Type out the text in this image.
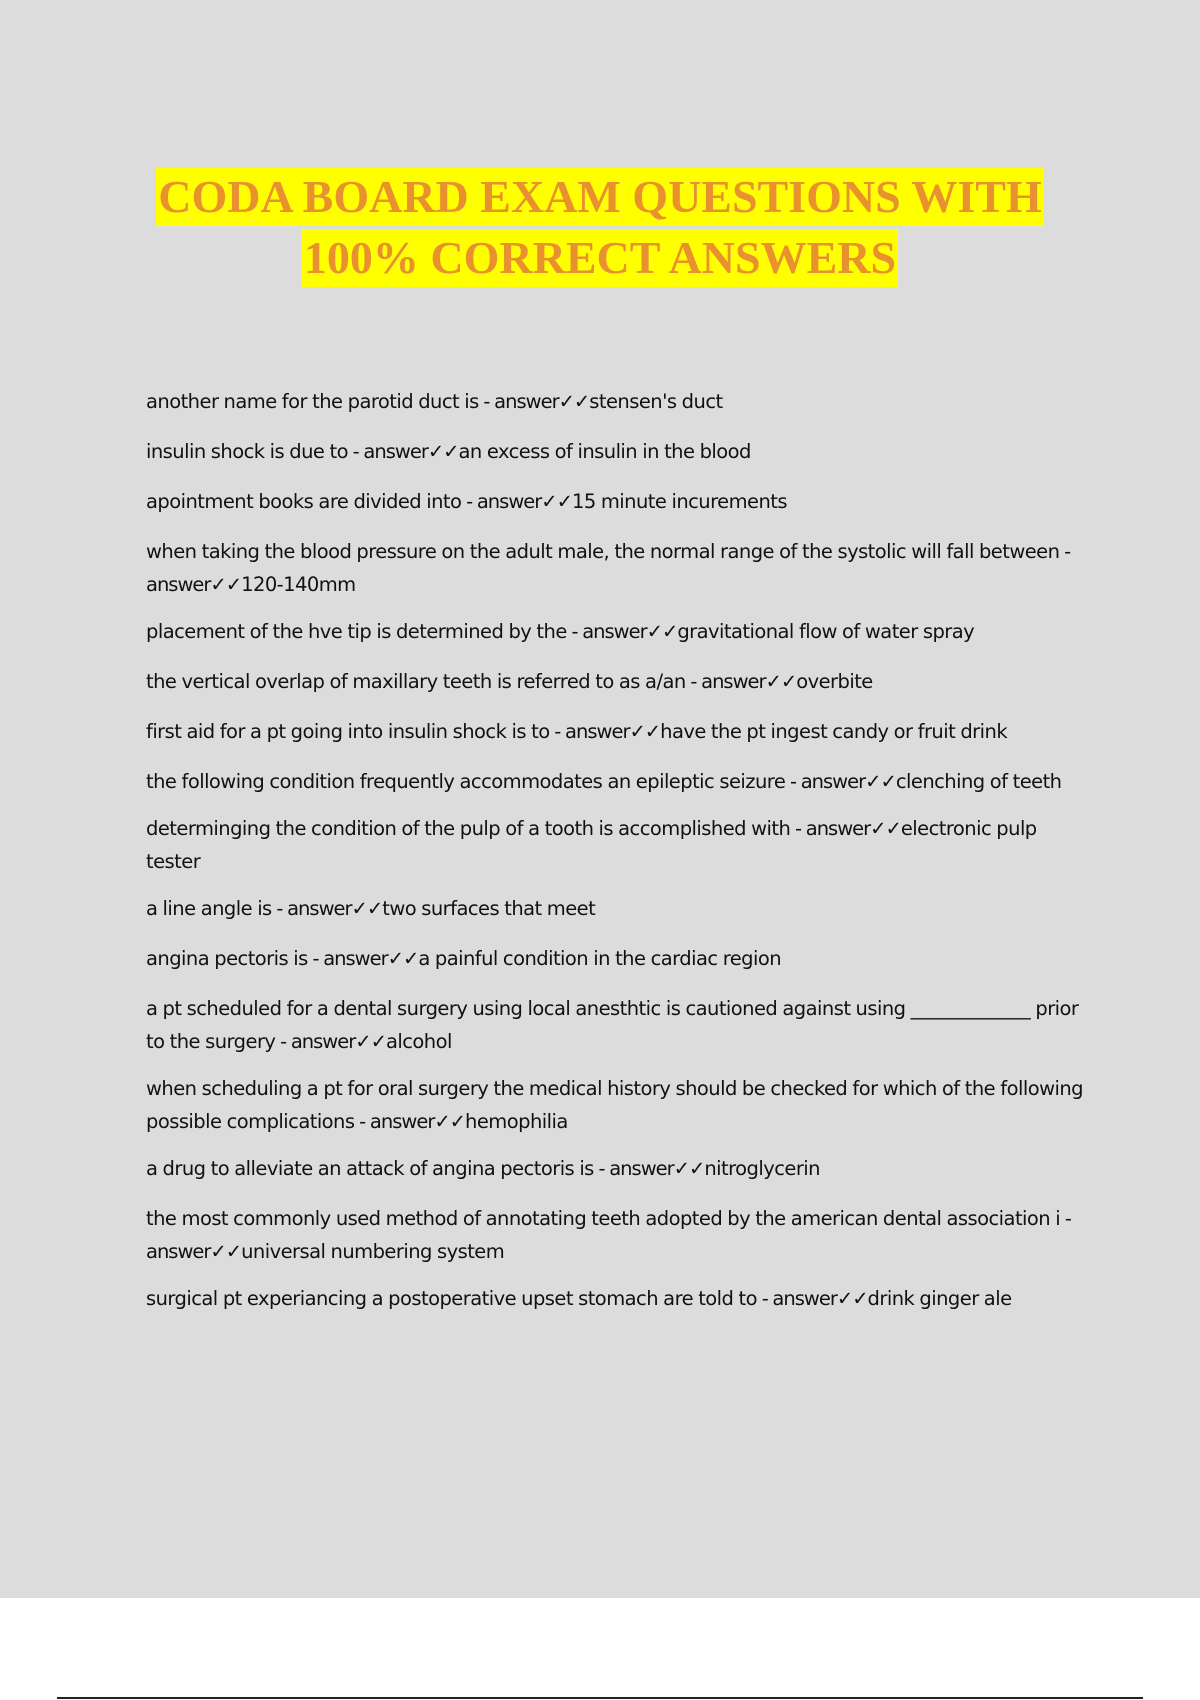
CODA BOARD EXAM QUESTIONS WITH
100% CORRECT ANSWERS
another name for the parotid duct is - answer✓✓stensen's duct
insulin shock is due to - answer✓✓an excess of insulin in the blood
apointment books are divided into - answer✓✓15 minute incurements
when taking the blood pressure on the adult male, the normal range of the systolic will fall between - answer✓✓120-140mm
placement of the hve tip is determined by the - answer✓✓gravitational flow of water spray
the vertical overlap of maxillary teeth is referred to as a/an - answer✓✓overbite
first aid for a pt going into insulin shock is to - answer✓✓have the pt ingest candy or fruit drink
the following condition frequently accommodates an epileptic seizure - answer✓✓clenching of teeth
determinging the condition of the pulp of a tooth is accomplished with - answer✓✓electronic pulp tester
a line angle is - answer✓✓two surfaces that meet
angina pectoris is - answer✓✓a painful condition in the cardiac region
a pt scheduled for a dental surgery using local anesthtic is cautioned against using _____________ prior to the surgery - answer✓✓alcohol
when scheduling a pt for oral surgery the medical history should be checked for which of the following possible complications - answer✓✓hemophilia
a drug to alleviate an attack of angina pectoris is - answer✓✓nitroglycerin
the most commonly used method of annotating teeth adopted by the american dental association i - answer✓✓universal numbering system
surgical pt experiancing a postoperative upset stomach are told to - answer✓✓drink ginger ale
